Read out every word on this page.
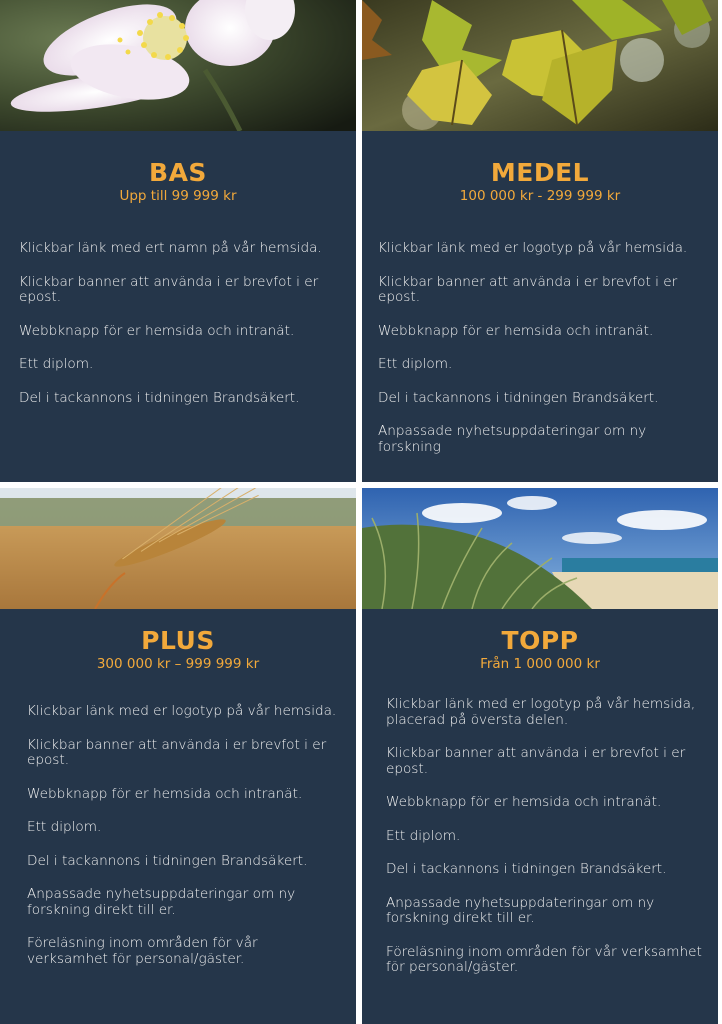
BAS
Upp till 99 999 kr
Klickbar länk med ert namn på vår hemsida.
Klickbar banner att använda i er brevfot i er epost.
Webbknapp för er hemsida och intranät.
Ett diplom.
Del i tackannons i tidningen Brandsäkert.
MEDEL
100 000 kr - 299 999 kr
Klickbar länk med er logotyp på vår hemsida.
Klickbar banner att använda i er brevfot i er epost.
Webbknapp för er hemsida och intranät.
Ett diplom.
Del i tackannons i tidningen Brandsäkert.
Anpassade nyhetsuppdateringar om ny forskning
PLUS
300 000 kr – 999 999 kr
Klickbar länk med er logotyp på vår hemsida.
Klickbar banner att använda i er brevfot i er epost.
Webbknapp för er hemsida och intranät.
Ett diplom.
Del i tackannons i tidningen Brandsäkert.
Anpassade nyhetsuppdateringar om ny forskning direkt till er.
Föreläsning inom områden för vår verksamhet för personal/gäster.
TOPP
Från 1 000 000 kr
Klickbar länk med er logotyp på vår hemsida, placerad på översta delen.
Klickbar banner att använda i er brevfot i er epost.
Webbknapp för er hemsida och intranät.
Ett diplom.
Del i tackannons i tidningen Brandsäkert.
Anpassade nyhetsuppdateringar om ny forskning direkt till er.
Föreläsning inom områden för vår verksamhet för personal/gäster.
